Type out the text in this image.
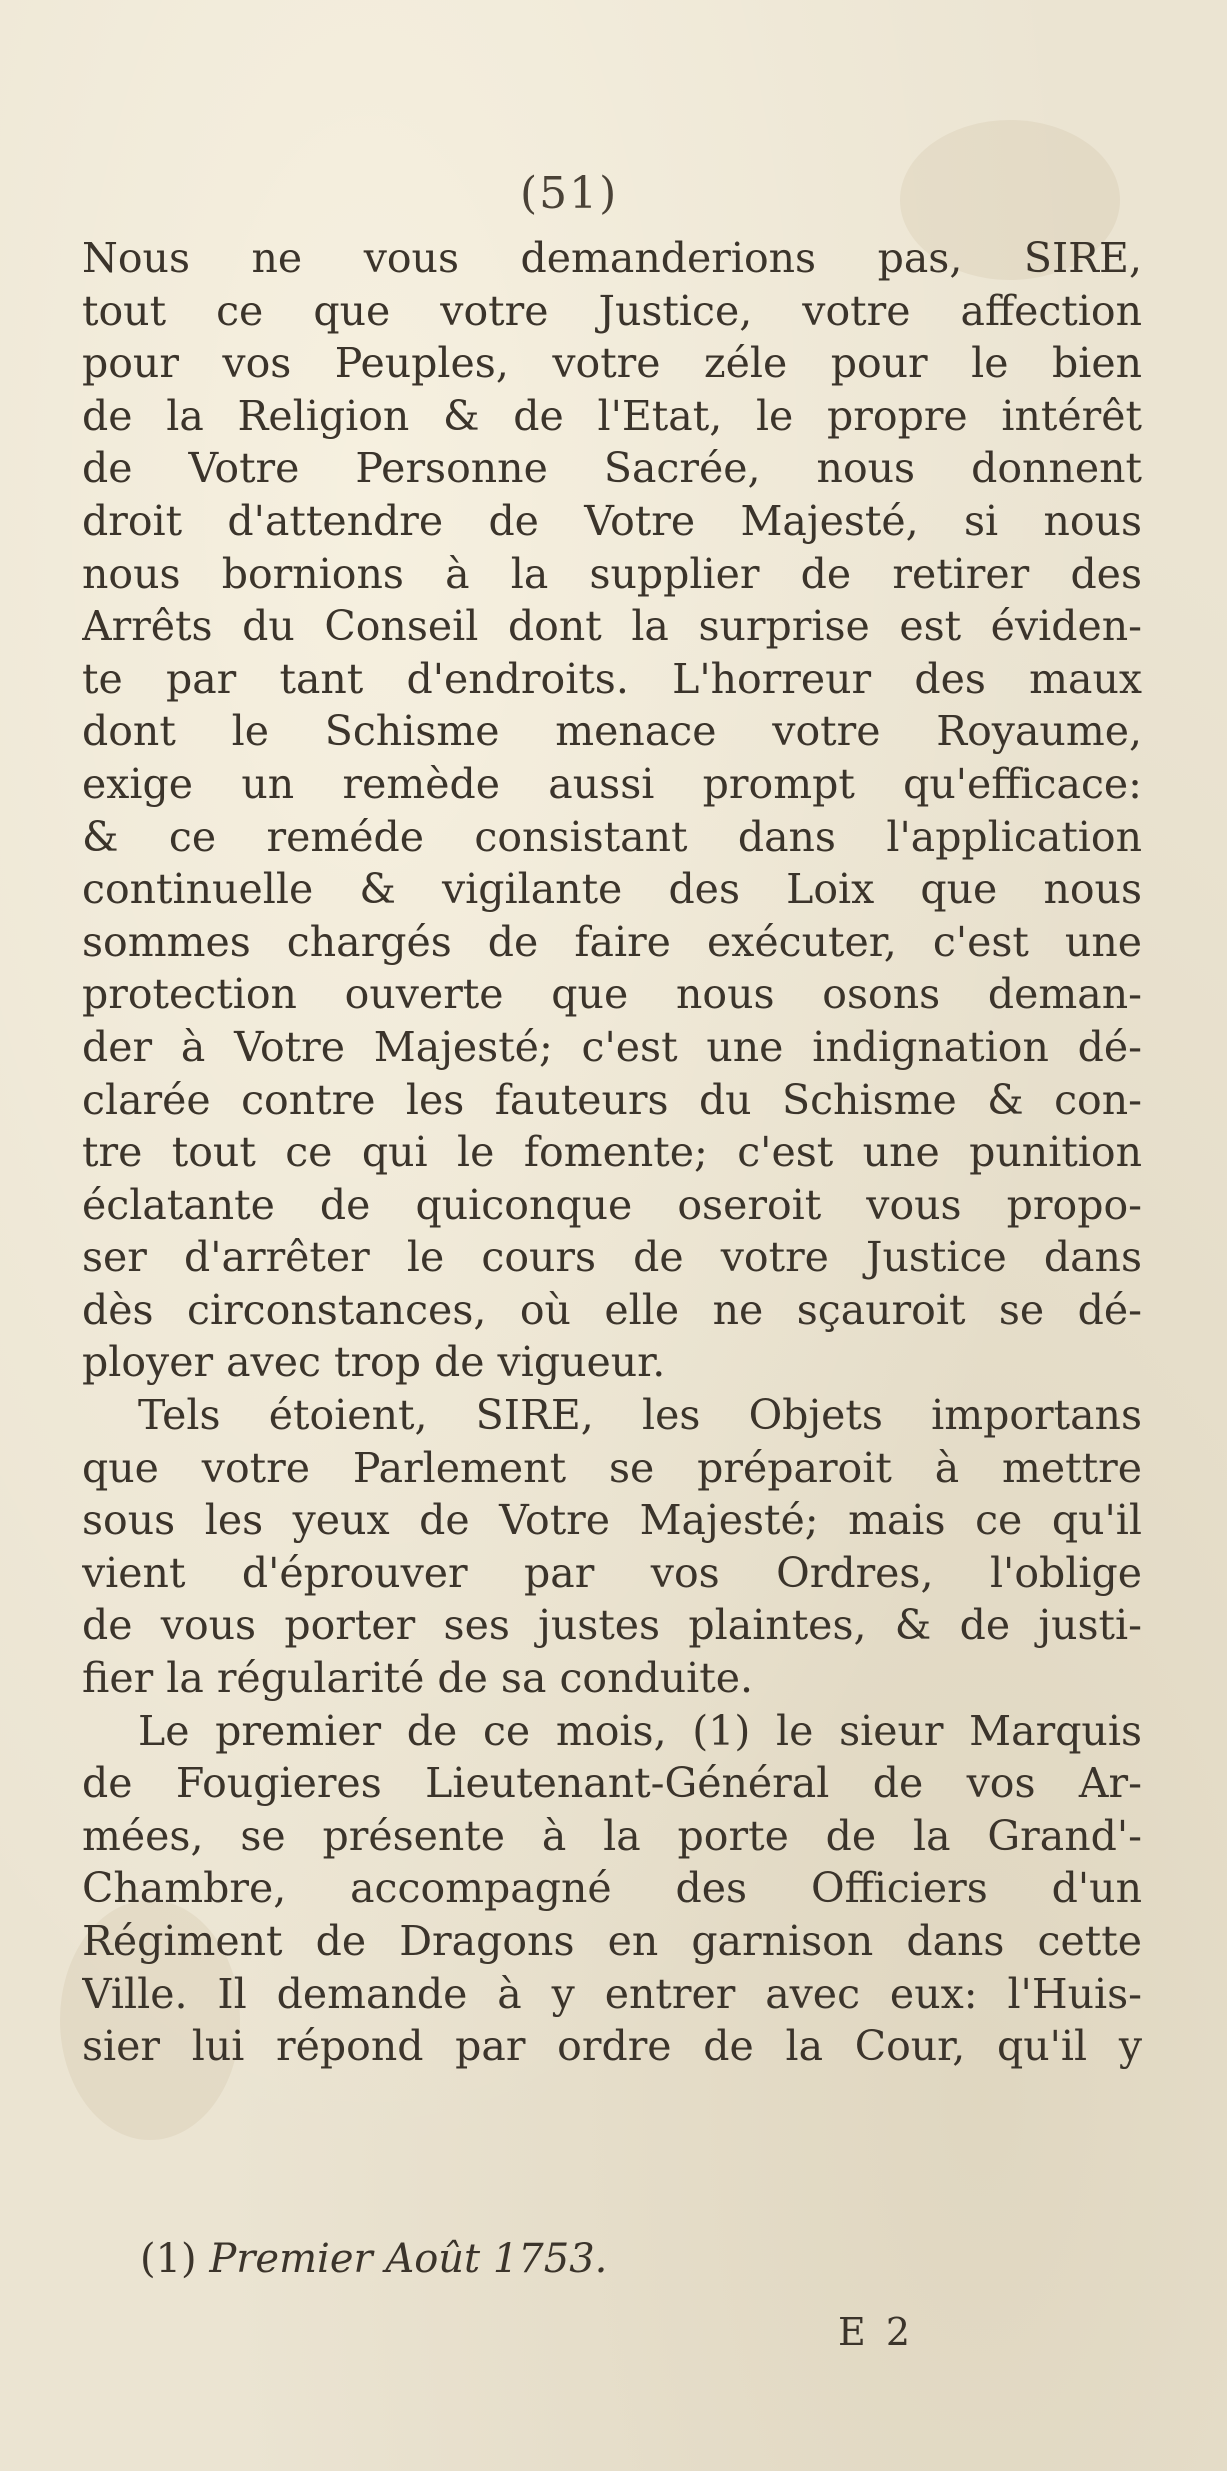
(51)
Nous ne vous demanderions pas, SIRE,
tout ce que votre Justice, votre affection
pour vos Peuples, votre zéle pour le bien
de la Religion & de l'Etat, le propre intérêt
de Votre Personne Sacrée, nous donnent
droit d'attendre de Votre Majesté, si nous
nous bornions à la supplier de retirer des
Arrêts du Conseil dont la surprise est éviden-
te par tant d'endroits. L'horreur des maux
dont le Schisme menace votre Royaume,
exige un remède aussi prompt qu'efficace:
& ce reméde consistant dans l'application
continuelle & vigilante des Loix que nous
sommes chargés de faire exécuter, c'est une
protection ouverte que nous osons deman-
der à Votre Majesté; c'est une indignation dé-
clarée contre les fauteurs du Schisme & con-
tre tout ce qui le fomente; c'est une punition
éclatante de quiconque oseroit vous propo-
ser d'arrêter le cours de votre Justice dans
dès circonstances, où elle ne sçauroit se dé-
ployer avec trop de vigueur.
Tels étoient, SIRE, les Objets importans
que votre Parlement se préparoit à mettre
sous les yeux de Votre Majesté; mais ce qu'il
vient d'éprouver par vos Ordres, l'oblige
de vous porter ses justes plaintes, & de justi-
fier la régularité de sa conduite.
Le premier de ce mois, (1) le sieur Marquis
de Fougieres Lieutenant-Général de vos Ar-
mées, se présente à la porte de la Grand'-
Chambre, accompagné des Officiers d'un
Régiment de Dragons en garnison dans cette
Ville. Il demande à y entrer avec eux: l'Huis-
sier lui répond par ordre de la Cour, qu'il y
(1) Premier Août 1753.
E 2
